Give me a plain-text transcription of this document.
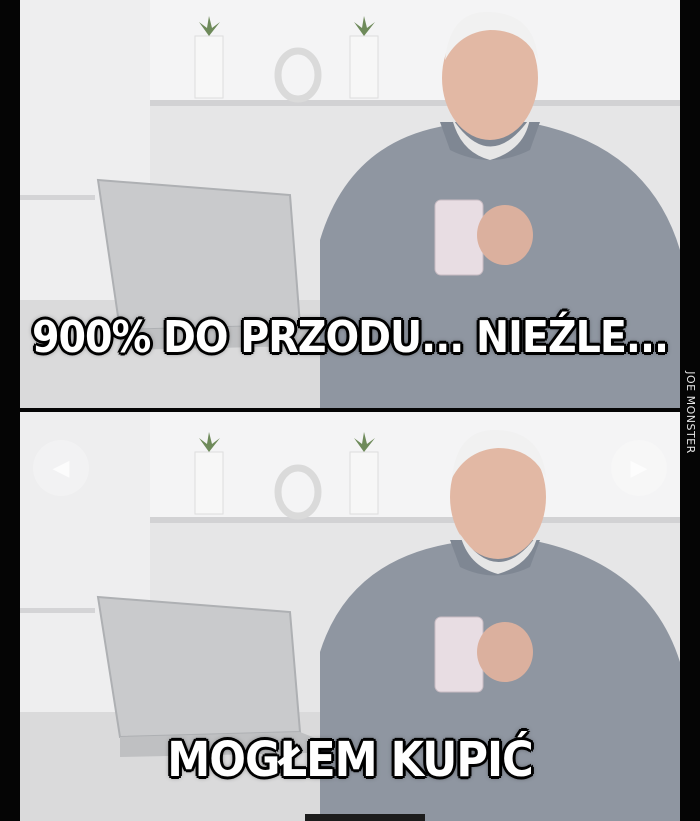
900% DO PRZODU... NIEŹLE...
MOGŁEM KUPIĆ
◀	▶
JOE MONSTER
